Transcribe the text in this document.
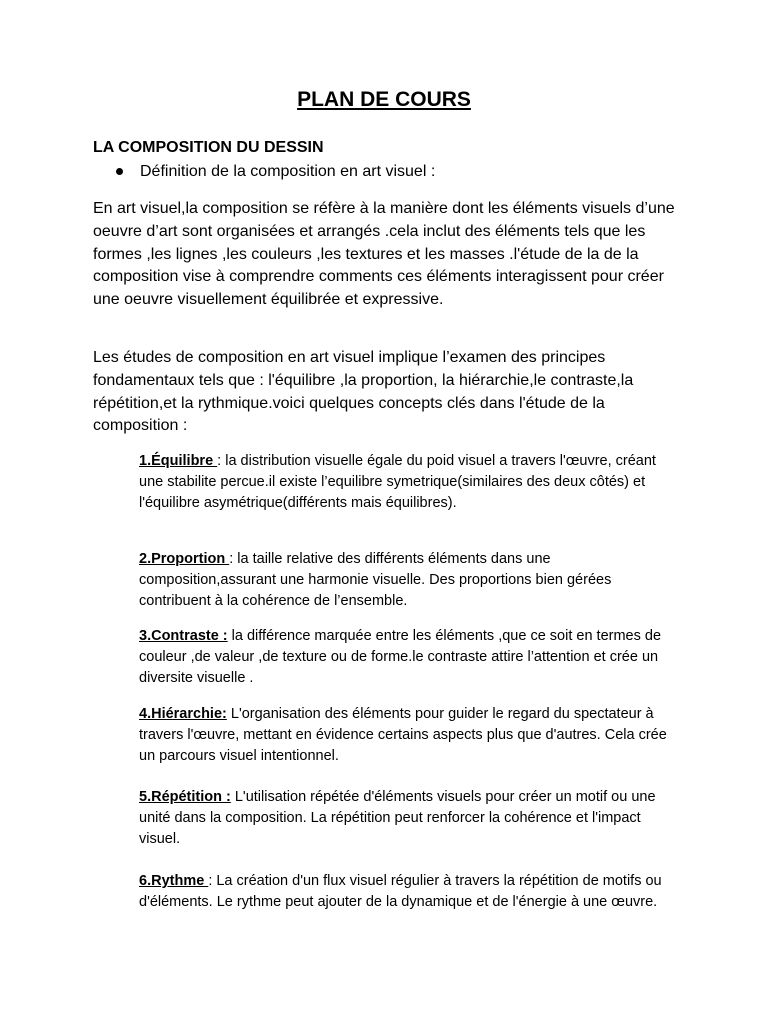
PLAN DE COURS
LA COMPOSITION DU DESSIN
Définition de la composition en art visuel :

En art visuel,la composition se réfère à la manière dont les éléments visuels d’une oeuvre d’art sont organisées et arrangés .cela inclut des éléments tels que les formes ,les lignes ,les couleurs ,les textures et les masses .l'étude de la de la composition vise à comprendre comments ces éléments interagissent pour créer une oeuvre visuellement équilibrée et expressive.

Les études de composition en art visuel implique l’examen des principes fondamentaux tels que : l'équilibre ,la proportion, la hiérarchie,le contraste,la répétition,et la rythmique.voici quelques concepts clés dans l'étude de la composition :

1.Équilibre : la distribution visuelle égale du poid visuel a travers l'œuvre, créant une stabilite percue.il existe l’equilibre symetrique(similaires des deux côtés) et l'équilibre asymétrique(différents mais équilibres).

2.Proportion : la taille relative des différents éléments dans une composition,assurant une harmonie visuelle. Des proportions bien gérées contribuent à la cohérence de l’ensemble.

3.Contraste : la différence marquée entre les éléments ,que ce soit en termes de couleur ,de valeur ,de texture ou de forme.le contraste attire l’attention et crée un diversite visuelle .

4.Hiérarchie: L'organisation des éléments pour guider le regard du spectateur à travers l'œuvre, mettant en évidence certains aspects plus que d'autres. Cela crée un parcours visuel intentionnel.

5.Répétition : L'utilisation répétée d'éléments visuels pour créer un motif ou une unité dans la composition. La répétition peut renforcer la cohérence et l'impact visuel.

6.Rythme : La création d'un flux visuel régulier à travers la répétition de motifs ou d'éléments. Le rythme peut ajouter de la dynamique et de l'énergie à une œuvre.
